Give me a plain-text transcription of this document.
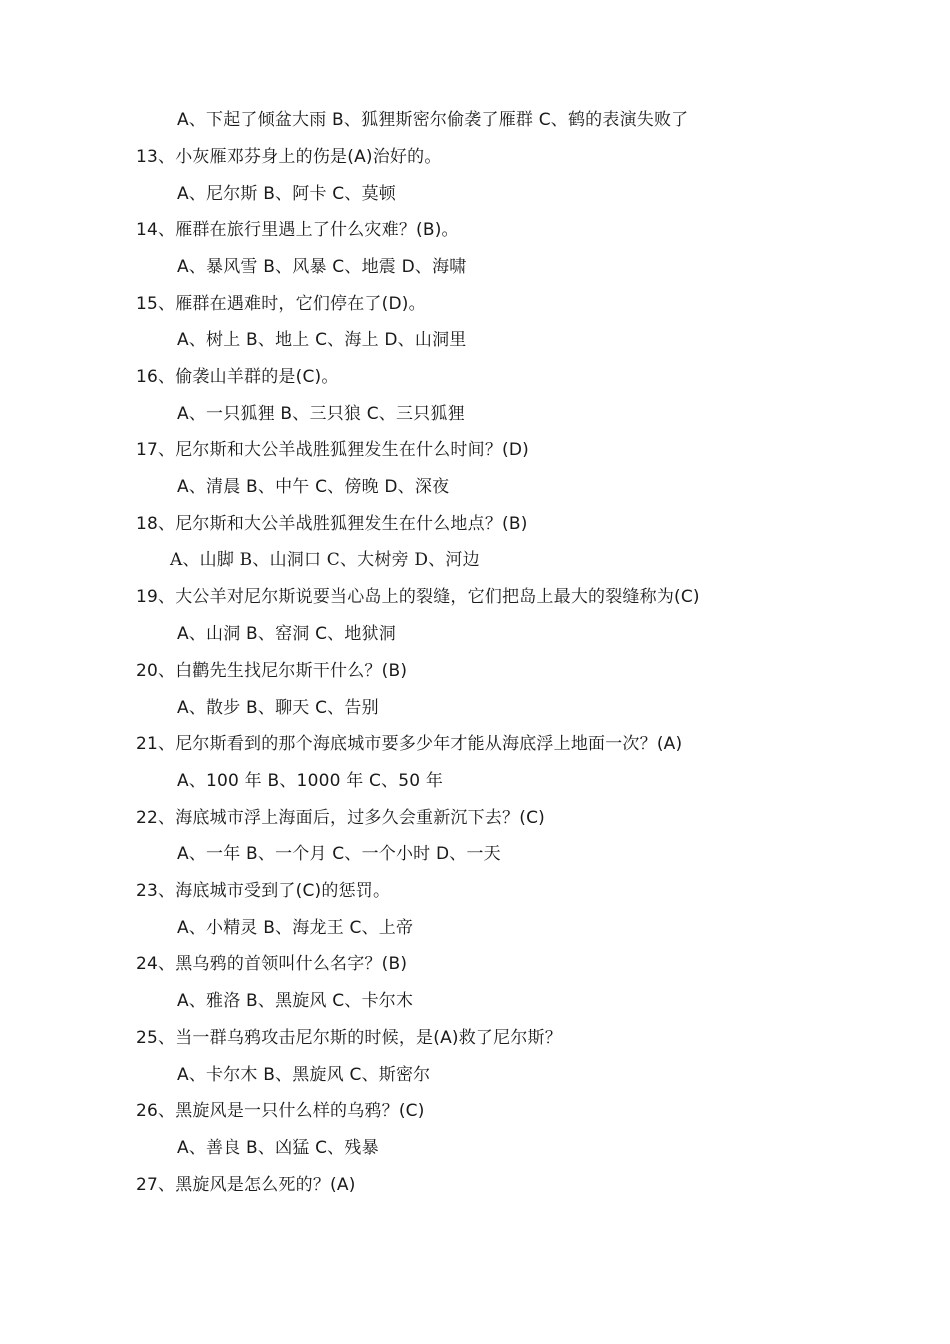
A、下起了倾盆大雨 B、狐狸斯密尔偷袭了雁群 C、鹤的表演失败了
13、小灰雁邓芬身上的伤是(A)治好的。
A、尼尔斯 B、阿卡 C、莫顿
14、雁群在旅行里遇上了什么灾难？(B)。
A、暴风雪 B、风暴 C、地震 D、海啸
15、雁群在遇难时，它们停在了(D)。
A、树上 B、地上 C、海上 D、山洞里
16、偷袭山羊群的是(C)。
A、一只狐狸 B、三只狼 C、三只狐狸
17、尼尔斯和大公羊战胜狐狸发生在什么时间？(D)
A、清晨 B、中午 C、傍晚 D、深夜
18、尼尔斯和大公羊战胜狐狸发生在什么地点？(B)
A、山脚 B、山洞口 C、大树旁 D、河边
19、大公羊对尼尔斯说要当心岛上的裂缝，它们把岛上最大的裂缝称为(C)
A、山洞 B、窑洞 C、地狱洞
20、白鹳先生找尼尔斯干什么？(B)
A、散步 B、聊天 C、告别
21、尼尔斯看到的那个海底城市要多少年才能从海底浮上地面一次？(A)
A、100 年 B、1000 年 C、50 年
22、海底城市浮上海面后，过多久会重新沉下去？(C)
A、一年 B、一个月 C、一个小时 D、一天
23、海底城市受到了(C)的惩罚。
A、小精灵 B、海龙王 C、上帝
24、黑乌鸦的首领叫什么名字？(B)
A、雅洛 B、黑旋风 C、卡尔木
25、当一群乌鸦攻击尼尔斯的时候，是(A)救了尼尔斯？
A、卡尔木 B、黑旋风 C、斯密尔
26、黑旋风是一只什么样的乌鸦？(C)
A、善良 B、凶猛 C、残暴
27、黑旋风是怎么死的？(A)
